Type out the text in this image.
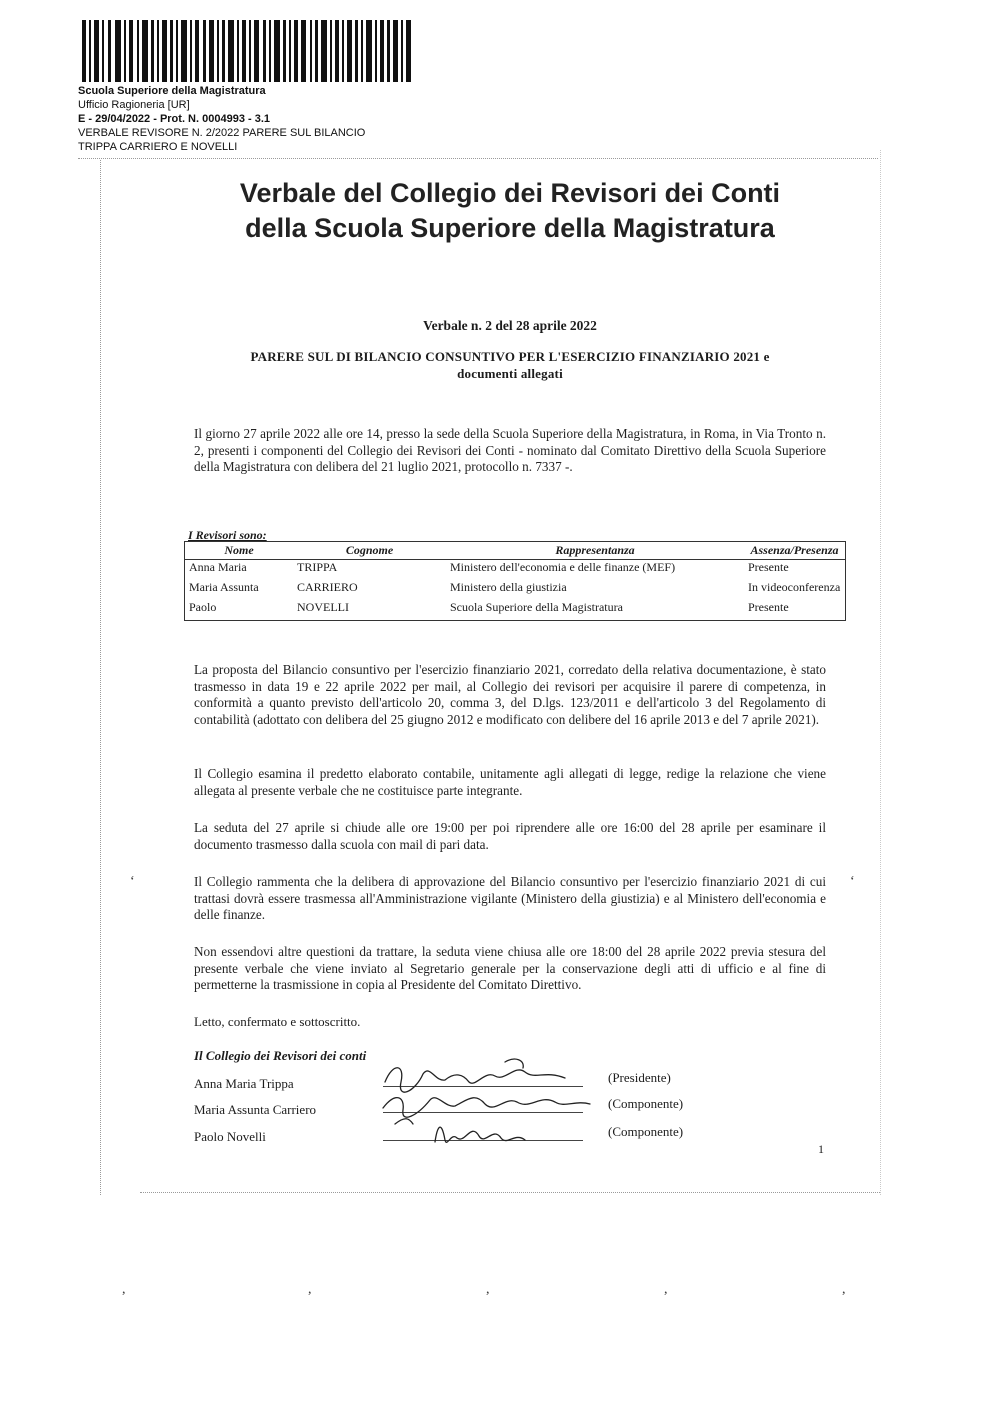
Scuola Superiore della Magistratura
Ufficio Ragioneria [UR]
E - 29/04/2022 - Prot. N. 0004993 - 3.1
VERBALE REVISORE N. 2/2022 PARERE SUL BILANCIO
TRIPPA CARRIERO E NOVELLI
Verbale del Collegio dei Revisori dei Conti
della Scuola Superiore della Magistratura
Verbale n. 2 del 28 aprile 2022
PARERE SUL DI BILANCIO CONSUNTIVO PER L'ESERCIZIO FINANZIARIO 2021 e
documenti allegati
Il giorno 27 aprile 2022 alle ore 14, presso la sede della Scuola Superiore della Magistratura, in Roma, in Via Tronto n. 2, presenti i componenti del Collegio dei Revisori dei Conti - nominato dal Comitato Direttivo della Scuola Superiore della Magistratura con delibera del 21 luglio 2021, protocollo n. 7337 -.
I Revisori sono:
Nome	Cognome	Rappresentanza	Assenza/Presenza
Anna Maria	TRIPPA	Ministero dell'economia e delle finanze (MEF)	Presente
Maria Assunta	CARRIERO	Ministero della giustizia	In videoconferenza
Paolo	NOVELLI	Scuola Superiore della Magistratura	Presente
La proposta del Bilancio consuntivo per l'esercizio finanziario 2021, corredato della relativa documentazione, è stato trasmesso in data 19 e 22 aprile 2022 per mail, al Collegio dei revisori per acquisire il parere di competenza, in conformità a quanto previsto dell'articolo 20, comma 3, del D.lgs. 123/2011 e dell'articolo 3 del Regolamento di contabilità (adottato con delibera del 25 giugno 2012 e modificato con delibere del 16 aprile 2013 e del 7 aprile 2021).
Il Collegio esamina il predetto elaborato contabile, unitamente agli allegati di legge, redige la relazione che viene allegata al presente verbale che ne costituisce parte integrante.
La seduta del 27 aprile si chiude alle ore 19:00 per poi riprendere alle ore 16:00 del 28 aprile per esaminare il documento trasmesso dalla scuola con mail di pari data.
Il Collegio rammenta che la delibera di approvazione del Bilancio consuntivo per l'esercizio finanziario 2021 di cui trattasi dovrà essere trasmessa all'Amministrazione vigilante (Ministero della giustizia) e al Ministero dell'economia e delle finanze.
Non essendovi altre questioni da trattare, la seduta viene chiusa alle ore 18:00 del 28 aprile 2022 previa stesura del presente verbale che viene inviato al Segretario generale per la conservazione degli atti di ufficio e al fine di permetterne la trasmissione in copia al Presidente del Comitato Direttivo.
Letto, confermato e sottoscritto.
Il Collegio dei Revisori dei conti
Anna Maria Trippa
Maria Assunta Carriero
Paolo Novelli
(Presidente)
(Componente)
(Componente)
1
,	,	,	,	,
‘	‘
